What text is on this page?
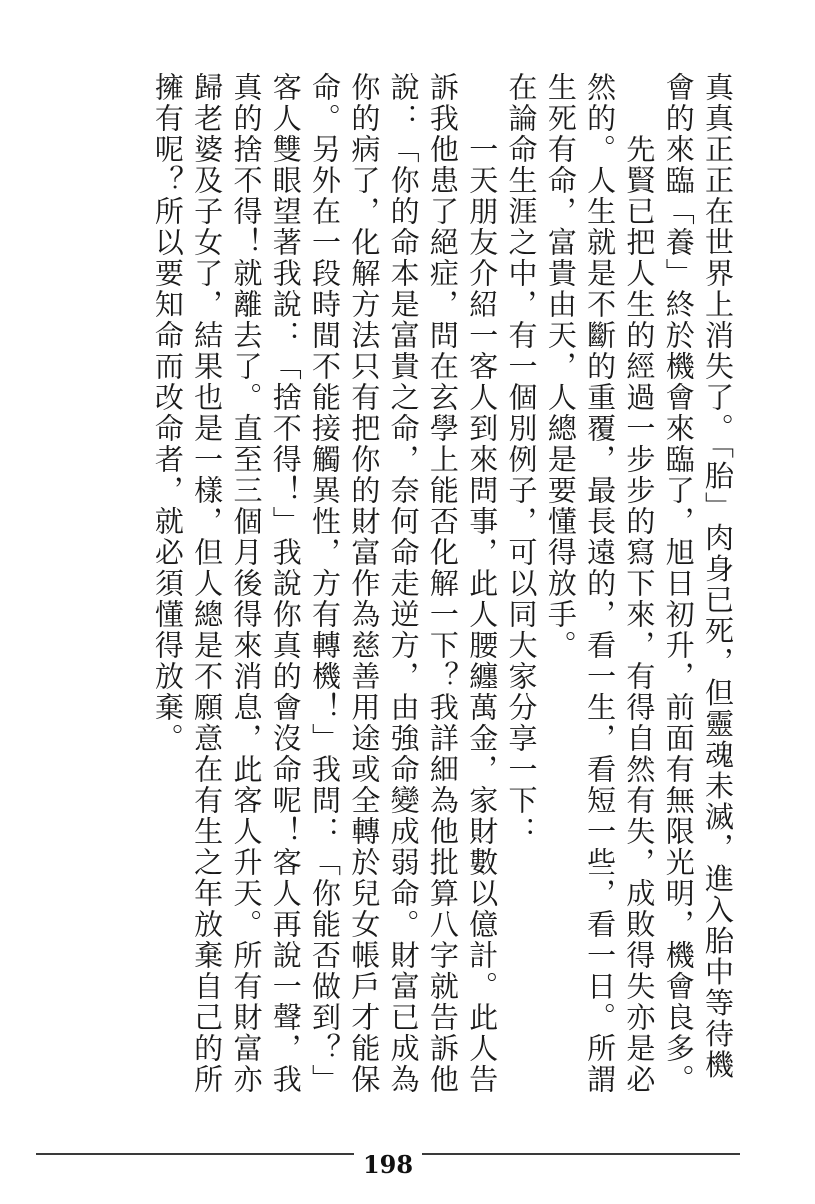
真真正正在世界上消失了。「胎」肉身已死，但靈魂未滅，進入胎中等待機會的來臨「養」終於機會來臨了，旭日初升，前面有無限光明，機會良多。

　　先賢已把人生的經過一步步的寫下來，有得自然有失，成敗得失亦是必然的。人生就是不斷的重覆，最長遠的，看一生，看短一些，看一日。所謂生死有命，富貴由天，人總是要懂得放手。

在論命生涯之中，有一個別例子，可以同大家分享一下：

　　一天朋友介紹一客人到來問事，此人腰纏萬金，家財數以億計。此人告訴我他患了絕症，問在玄學上能否化解一下？我詳細為他批算八字就告訴他說：「你的命本是富貴之命，奈何命走逆方，由強命變成弱命。財富已成為你的病了，化解方法只有把你的財富作為慈善用途或全轉於兒女帳戶才能保命。另外在一段時間不能接觸異性，方有轉機！」我問：「你能否做到？」客人雙眼望著我說：「捨不得！」我說你真的會沒命呢！客人再說一聲，我真的捨不得！就離去了。直至三個月後得來消息，此客人升天。所有財富亦歸老婆及子女了，結果也是一樣，但人總是不願意在有生之年放棄自己的所擁有呢？所以要知命而改命者，就必須懂得放棄。

198
